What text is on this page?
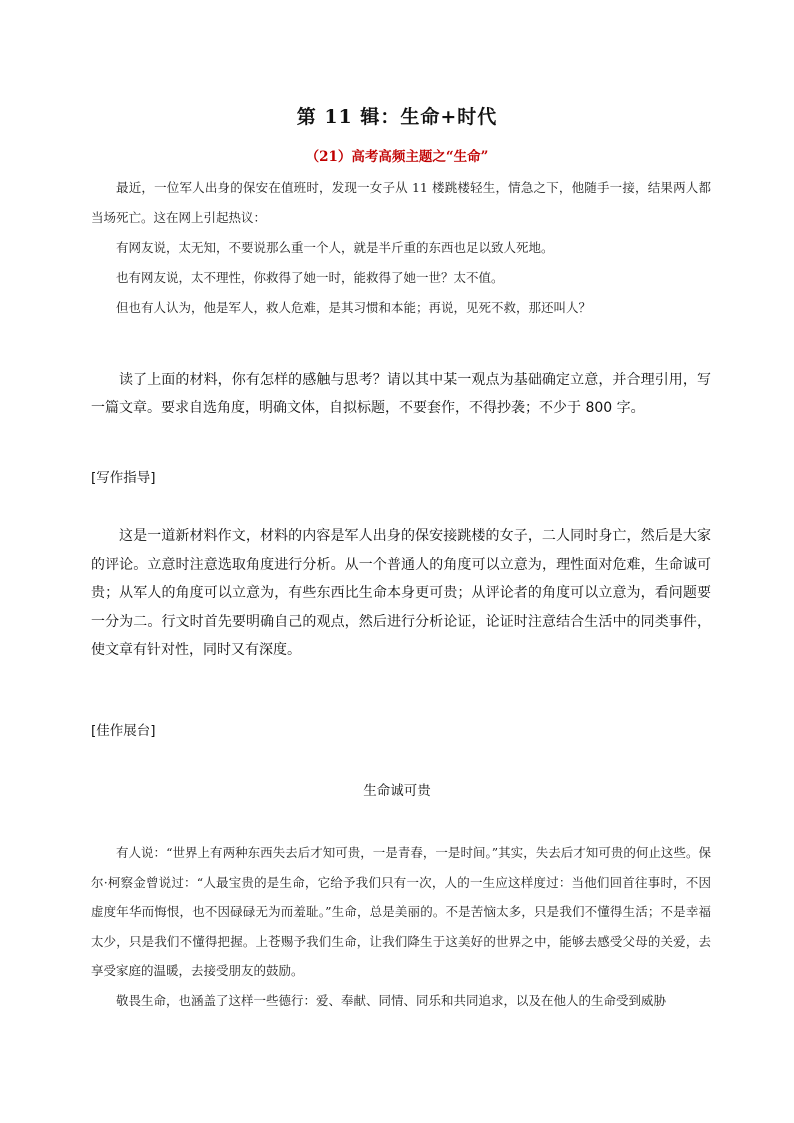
第 11 辑：生命+时代
（21）高考高频主题之“生命”

最近，一位军人出身的保安在值班时，发现一女子从 11 楼跳楼轻生，情急之下，他随手一接，结果两人都当场死亡。这在网上引起热议：

有网友说，太无知，不要说那么重一个人，就是半斤重的东西也足以致人死地。

也有网友说，太不理性，你救得了她一时，能救得了她一世？太不值。

但也有人认为，他是军人，救人危难，是其习惯和本能；再说，见死不救，那还叫人？

读了上面的材料，你有怎样的感触与思考？请以其中某一观点为基础确定立意，并合理引用，写一篇文章。要求自选角度，明确文体，自拟标题，不要套作，不得抄袭；不少于 800 字。

[写作指导]

这是一道新材料作文，材料的内容是军人出身的保安接跳楼的女子，二人同时身亡，然后是大家的评论。立意时注意选取角度进行分析。从一个普通人的角度可以立意为，理性面对危难，生命诚可贵；从军人的角度可以立意为，有些东西比生命本身更可贵；从评论者的角度可以立意为，看问题要一分为二。行文时首先要明确自己的观点，然后进行分析论证，论证时注意结合生活中的同类事件，使文章有针对性，同时又有深度。

[佳作展台]

生命诚可贵

有人说：“世界上有两种东西失去后才知可贵，一是青春，一是时间。”其实，失去后才知可贵的何止这些。保尔·柯察金曾说过：“人最宝贵的是生命，它给予我们只有一次，人的一生应这样度过：当他们回首往事时，不因虚度年华而悔恨，也不因碌碌无为而羞耻。”生命，总是美丽的。不是苦恼太多，只是我们不懂得生活；不是幸福太少，只是我们不懂得把握。上苍赐予我们生命，让我们降生于这美好的世界之中，能够去感受父母的关爱，去享受家庭的温暖，去接受朋友的鼓励。

敬畏生命，也涵盖了这样一些德行：爱、奉献、同情、同乐和共同追求，以及在他人的生命受到威胁
